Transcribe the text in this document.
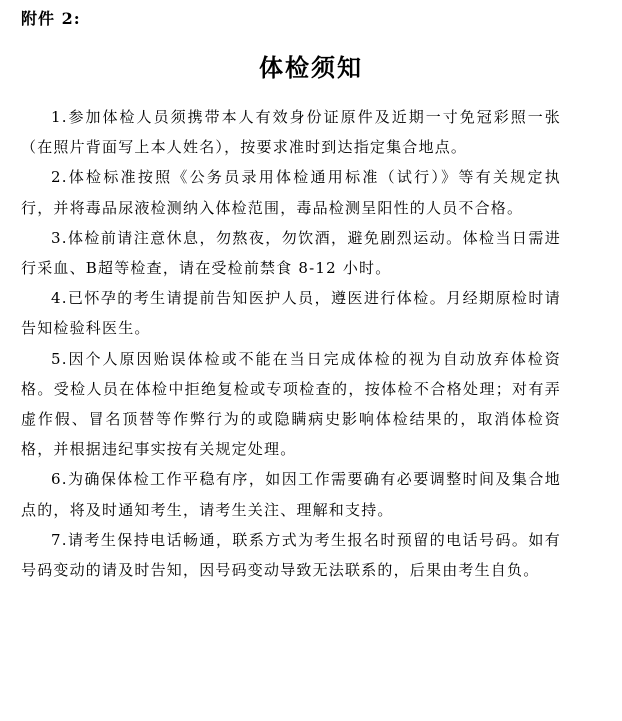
附件 2:
体检须知

1.参加体检人员须携带本人有效身份证原件及近期一寸免冠彩照一张（在照片背面写上本人姓名），按要求准时到达指定集合地点。

2.体检标准按照《公务员录用体检通用标准（试行）》等有关规定执行，并将毒品尿液检测纳入体检范围，毒品检测呈阳性的人员不合格。

3.体检前请注意休息，勿熬夜，勿饮酒，避免剧烈运动。体检当日需进行采血、B超等检查，请在受检前禁食 8-12 小时。

4.已怀孕的考生请提前告知医护人员，遵医进行体检。月经期原检时请告知检验科医生。

5.因个人原因贻误体检或不能在当日完成体检的视为自动放弃体检资格。受检人员在体检中拒绝复检或专项检查的，按体检不合格处理；对有弄虚作假、冒名顶替等作弊行为的或隐瞒病史影响体检结果的，取消体检资格，并根据违纪事实按有关规定处理。

6.为确保体检工作平稳有序，如因工作需要确有必要调整时间及集合地点的，将及时通知考生，请考生关注、理解和支持。

7.请考生保持电话畅通，联系方式为考生报名时预留的电话号码。如有号码变动的请及时告知，因号码变动导致无法联系的，后果由考生自负。
